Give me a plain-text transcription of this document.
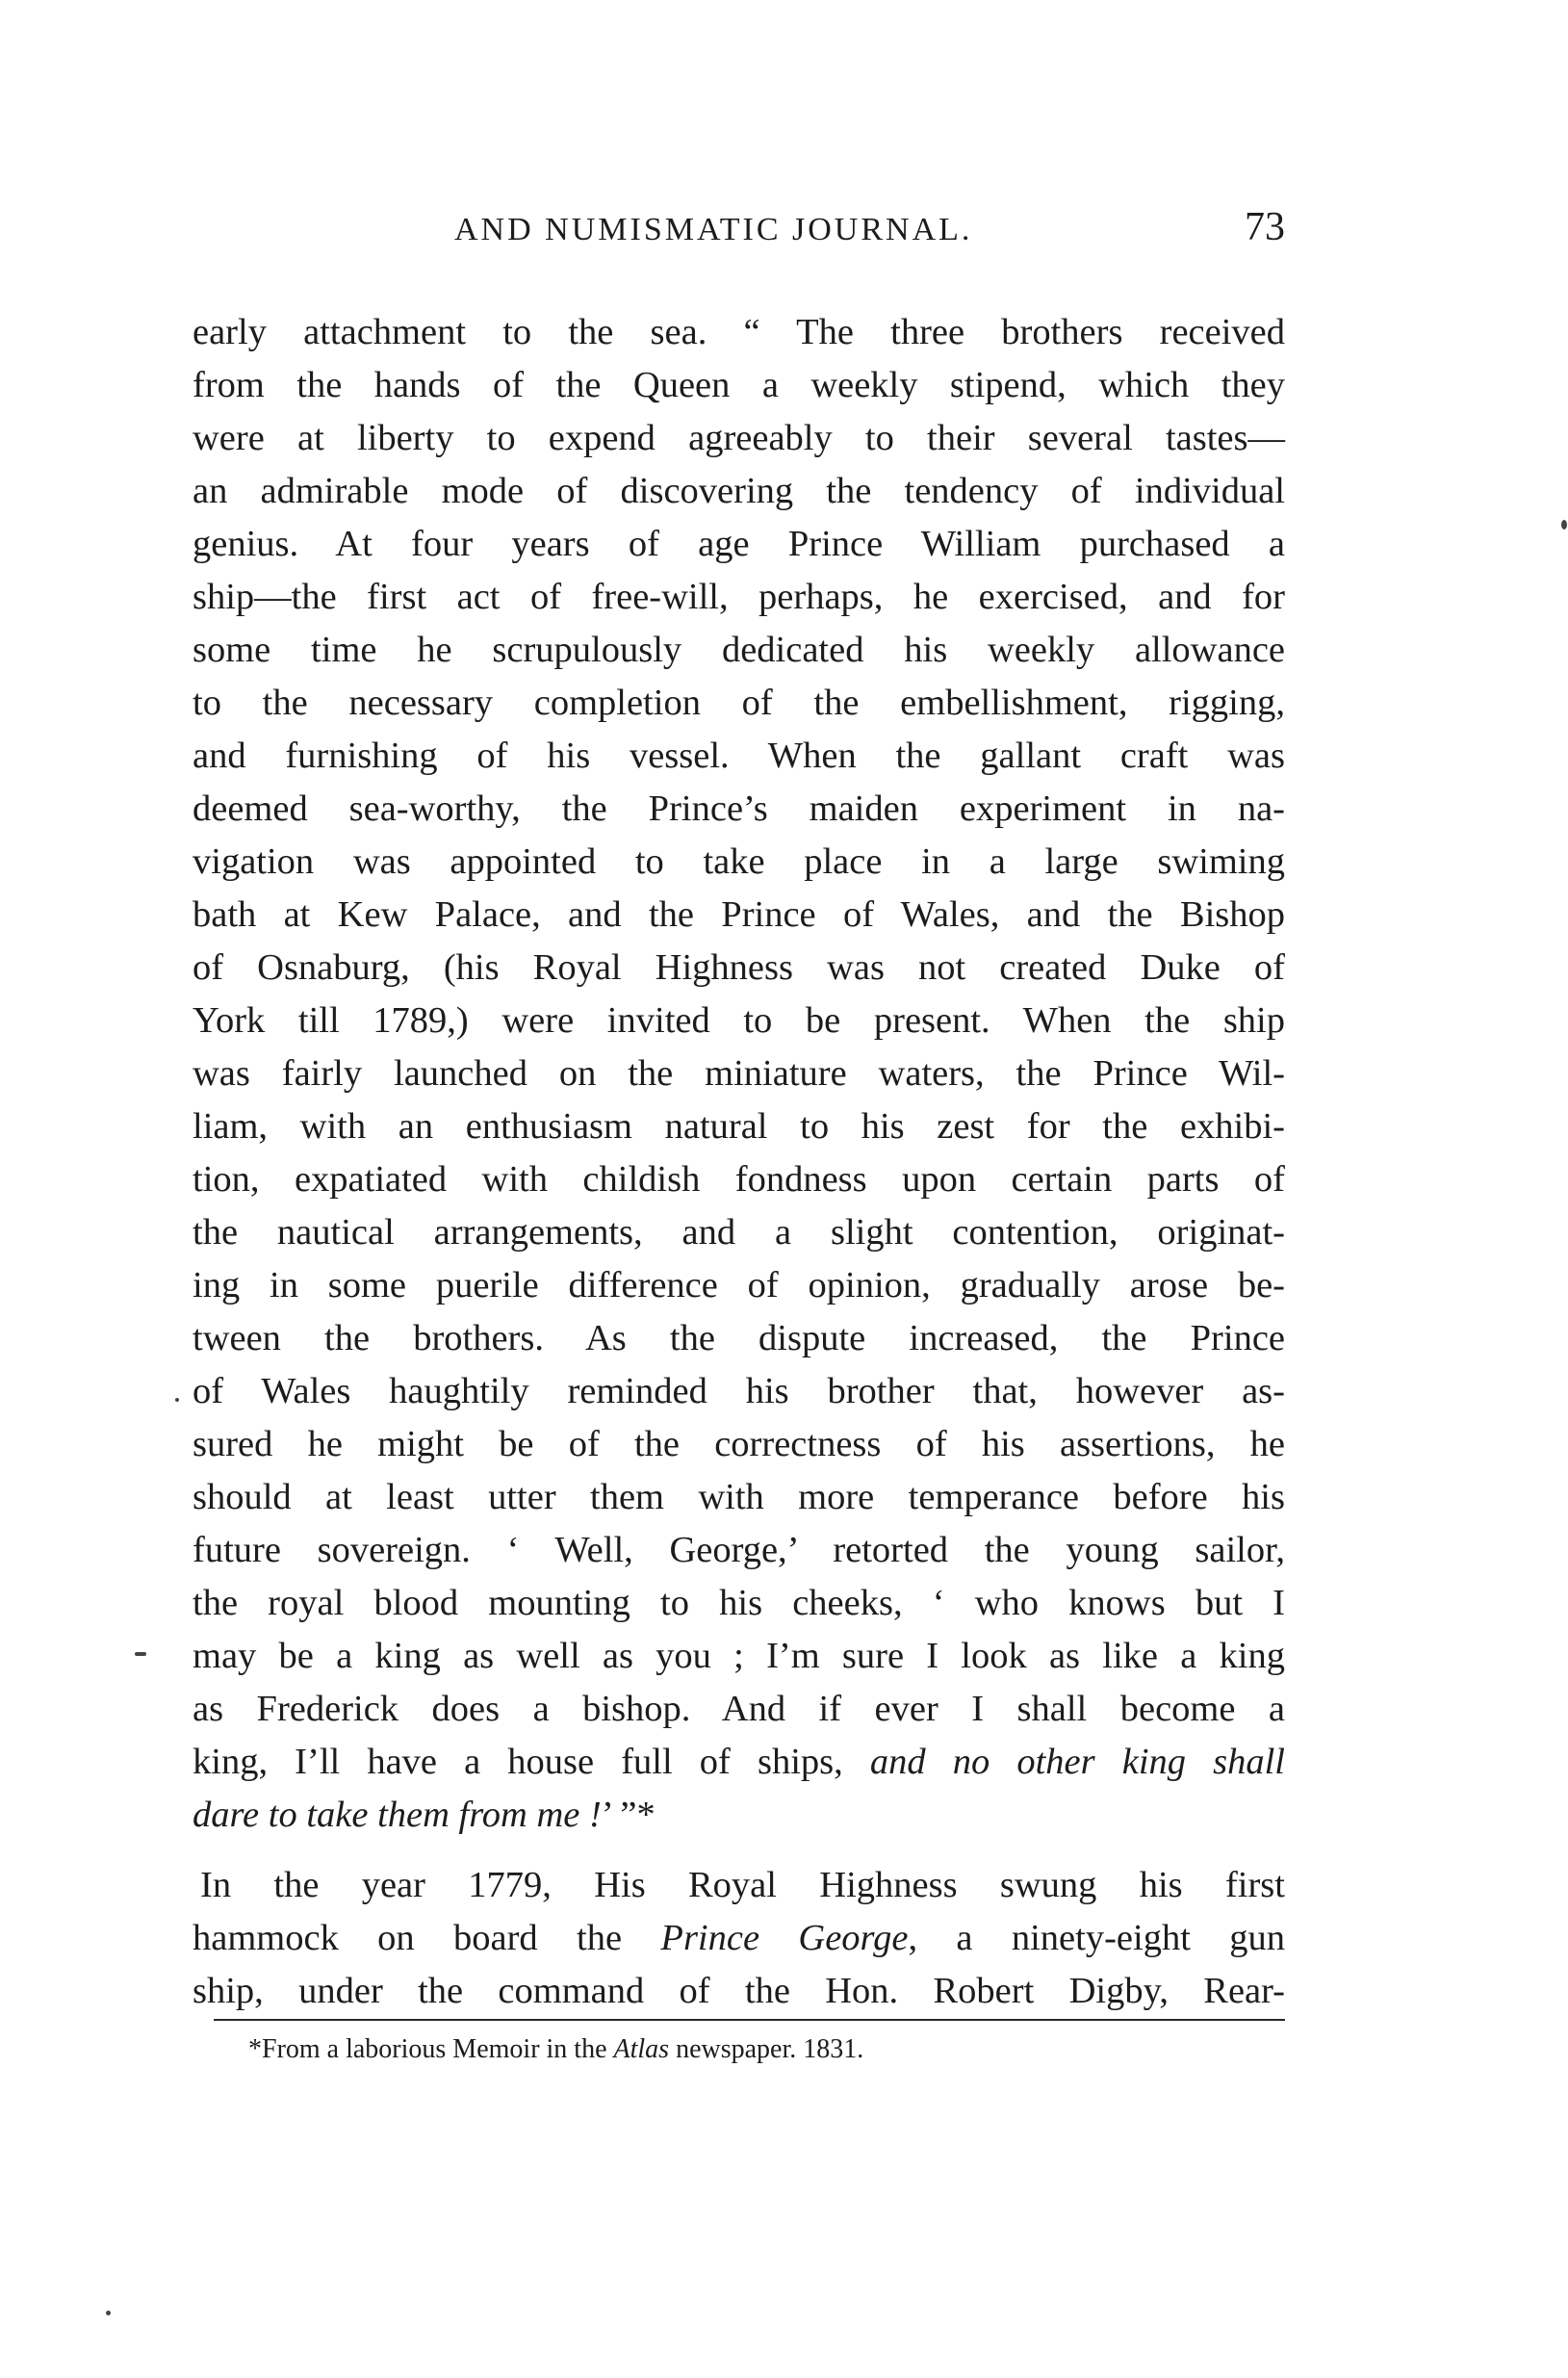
AND NUMISMATIC JOURNAL.	73
early attachment to the sea. “ The three brothers received
from the hands of the Queen a weekly stipend, which they
were at liberty to expend agreeably to their several tastes—
an admirable mode of discovering the tendency of individual
genius. At four years of age Prince William purchased a
ship—the first act of free-will, perhaps, he exercised, and for
some time he scrupulously dedicated his weekly allowance
to the necessary completion of the embellishment, rigging,
and furnishing of his vessel. When the gallant craft was
deemed sea-worthy, the Prince’s maiden experiment in na-
vigation was appointed to take place in a large swiming
bath at Kew Palace, and the Prince of Wales, and the Bishop
of Osnaburg, (his Royal Highness was not created Duke of
York till 1789,) were invited to be present. When the ship
was fairly launched on the miniature waters, the Prince Wil-
liam, with an enthusiasm natural to his zest for the exhibi-
tion, expatiated with childish fondness upon certain parts of
the nautical arrangements, and a slight contention, originat-
ing in some puerile difference of opinion, gradually arose be-
tween the brothers. As the dispute increased, the Prince
of Wales haughtily reminded his brother that, however as-
sured he might be of the correctness of his assertions, he
should at least utter them with more temperance before his
future sovereign. ‘ Well, George,’ retorted the young sailor,
the royal blood mounting to his cheeks, ‘ who knows but I
may be a king as well as you ; I’m sure I look as like a king
as Frederick does a bishop. And if ever I shall become a
king, I’ll have a house full of ships, and no other king shall
dare to take them from me !’ ”*
In the year 1779, His Royal Highness swung his first
hammock on board the Prince George, a ninety-eight gun
ship, under the command of the Hon. Robert Digby, Rear-
*From a laborious Memoir in the Atlas newspaper. 1831.
